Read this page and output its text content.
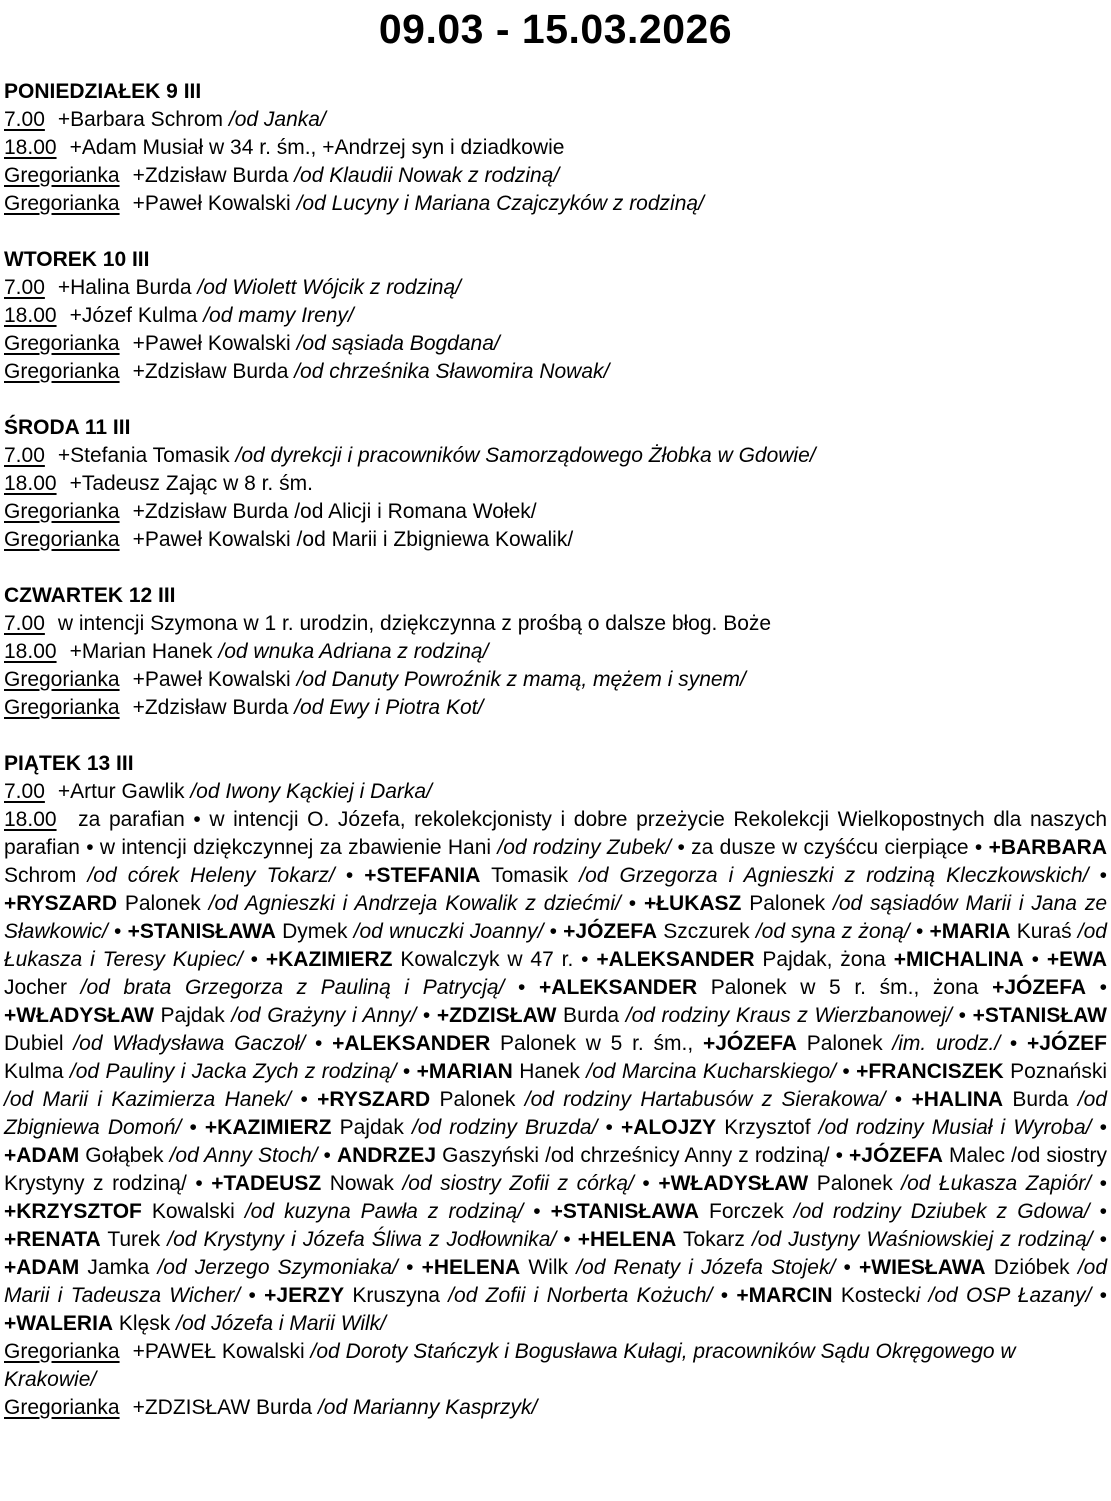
09.03 - 15.03.2026
PONIEDZIAŁEK 9 III

7.00 +Barbara Schrom /od Janka/

18.00 +Adam Musiał w 34 r. śm., +Andrzej syn i dziadkowie

Gregorianka +Zdzisław Burda /od Klaudii Nowak z rodziną/

Gregorianka +Paweł Kowalski /od Lucyny i Mariana Czajczyków z rodziną/

WTOREK 10 III

7.00 +Halina Burda /od Wiolett Wójcik z rodziną/

18.00 +Józef Kulma /od mamy Ireny/

Gregorianka +Paweł Kowalski /od sąsiada Bogdana/

Gregorianka +Zdzisław Burda /od chrześnika Sławomira Nowak/

ŚRODA 11 III

7.00 +Stefania Tomasik /od dyrekcji i pracowników Samorządowego Żłobka w Gdowie/

18.00 +Tadeusz Zając w 8 r. śm.

Gregorianka +Zdzisław Burda /od Alicji i Romana Wołek/

Gregorianka +Paweł Kowalski /od Marii i Zbigniewa Kowalik/

CZWARTEK 12 III

7.00 w intencji Szymona w 1 r. urodzin, dziękczynna z prośbą o dalsze błog. Boże

18.00 +Marian Hanek /od wnuka Adriana z rodziną/

Gregorianka +Paweł Kowalski /od Danuty Powroźnik z mamą, mężem i synem/

Gregorianka +Zdzisław Burda /od Ewy i Piotra Kot/

PIĄTEK 13 III

7.00 +Artur Gawlik /od Iwony Kąckiej i Darka/

18.00 za parafian • w intencji O. Józefa, rekolekcjonisty i dobre przeżycie Rekolekcji Wielkopostnych dla naszych parafian • w intencji dziękczynnej za zbawienie Hani /od rodziny Zubek/ • za dusze w czyśćcu cierpiące • +BARBARA Schrom /od córek Heleny Tokarz/ • +STEFANIA Tomasik /od Grzegorza i Agnieszki z rodziną Kleczkowskich/ • +RYSZARD Palonek /od Agnieszki i Andrzeja Kowalik z dziećmi/ • +ŁUKASZ Palonek /od sąsiadów Marii i Jana ze Sławkowic/ • +STANISŁAWA Dymek /od wnuczki Joanny/ • +JÓZEFA Szczurek /od syna z żoną/ • +MARIA Kuraś /od Łukasza i Teresy Kupiec/ • +KAZIMIERZ Kowalczyk w 47 r. • +ALEKSANDER Pajdak, żona +MICHALINA • +EWA Jocher /od brata Grzegorza z Pauliną i Patrycją/ • +ALEKSANDER Palonek w 5 r. śm., żona +JÓZEFA • +WŁADYSŁAW Pajdak /od Grażyny i Anny/ • +ZDZISŁAW Burda /od rodziny Kraus z Wierzbanowej/ • +STANISŁAW Dubiel /od Władysława Gaczoł/ • +ALEKSANDER Palonek w 5 r. śm., +JÓZEFA Palonek /im. urodz./ • +JÓZEF Kulma /od Pauliny i Jacka Zych z rodziną/ • +MARIAN Hanek /od Marcina Kucharskiego/ • +FRANCISZEK Poznański /od Marii i Kazimierza Hanek/ • +RYSZARD Palonek /od rodziny Hartabusów z Sierakowa/ • +HALINA Burda /od Zbigniewa Domoń/ • +KAZIMIERZ Pajdak /od rodziny Bruzda/ • +ALOJZY Krzysztof /od rodziny Musiał i Wyroba/ • +ADAM Gołąbek /od Anny Stoch/ • ANDRZEJ Gaszyński /od chrześnicy Anny z rodziną/ • +JÓZEFA Malec /od siostry Krystyny z rodziną/ • +TADEUSZ Nowak /od siostry Zofii z córką/ • +WŁADYSŁAW Palonek /od Łukasza Zapiór/ • +KRZYSZTOF Kowalski /od kuzyna Pawła z rodziną/ • +STANISŁAWA Forczek /od rodziny Dziubek z Gdowa/ • +RENATA Turek /od Krystyny i Józefa Śliwa z Jodłownika/ • +HELENA Tokarz /od Justyny Waśniowskiej z rodziną/ • +ADAM Jamka /od Jerzego Szymoniaka/ • +HELENA Wilk /od Renaty i Józefa Stojek/ • +WIESŁAWA Dzióbek /od Marii i Tadeusza Wicher/ • +JERZY Kruszyna /od Zofii i Norberta Kożuch/ • +MARCIN Kostecki /od OSP Łazany/ • +WALERIA Klęsk /od Józefa i Marii Wilk/

Gregorianka +PAWEŁ Kowalski /od Doroty Stańczyk i Bogusława Kułagi, pracowników Sądu Okręgowego w Krakowie/

Gregorianka +ZDZISŁAW Burda /od Marianny Kasprzyk/
